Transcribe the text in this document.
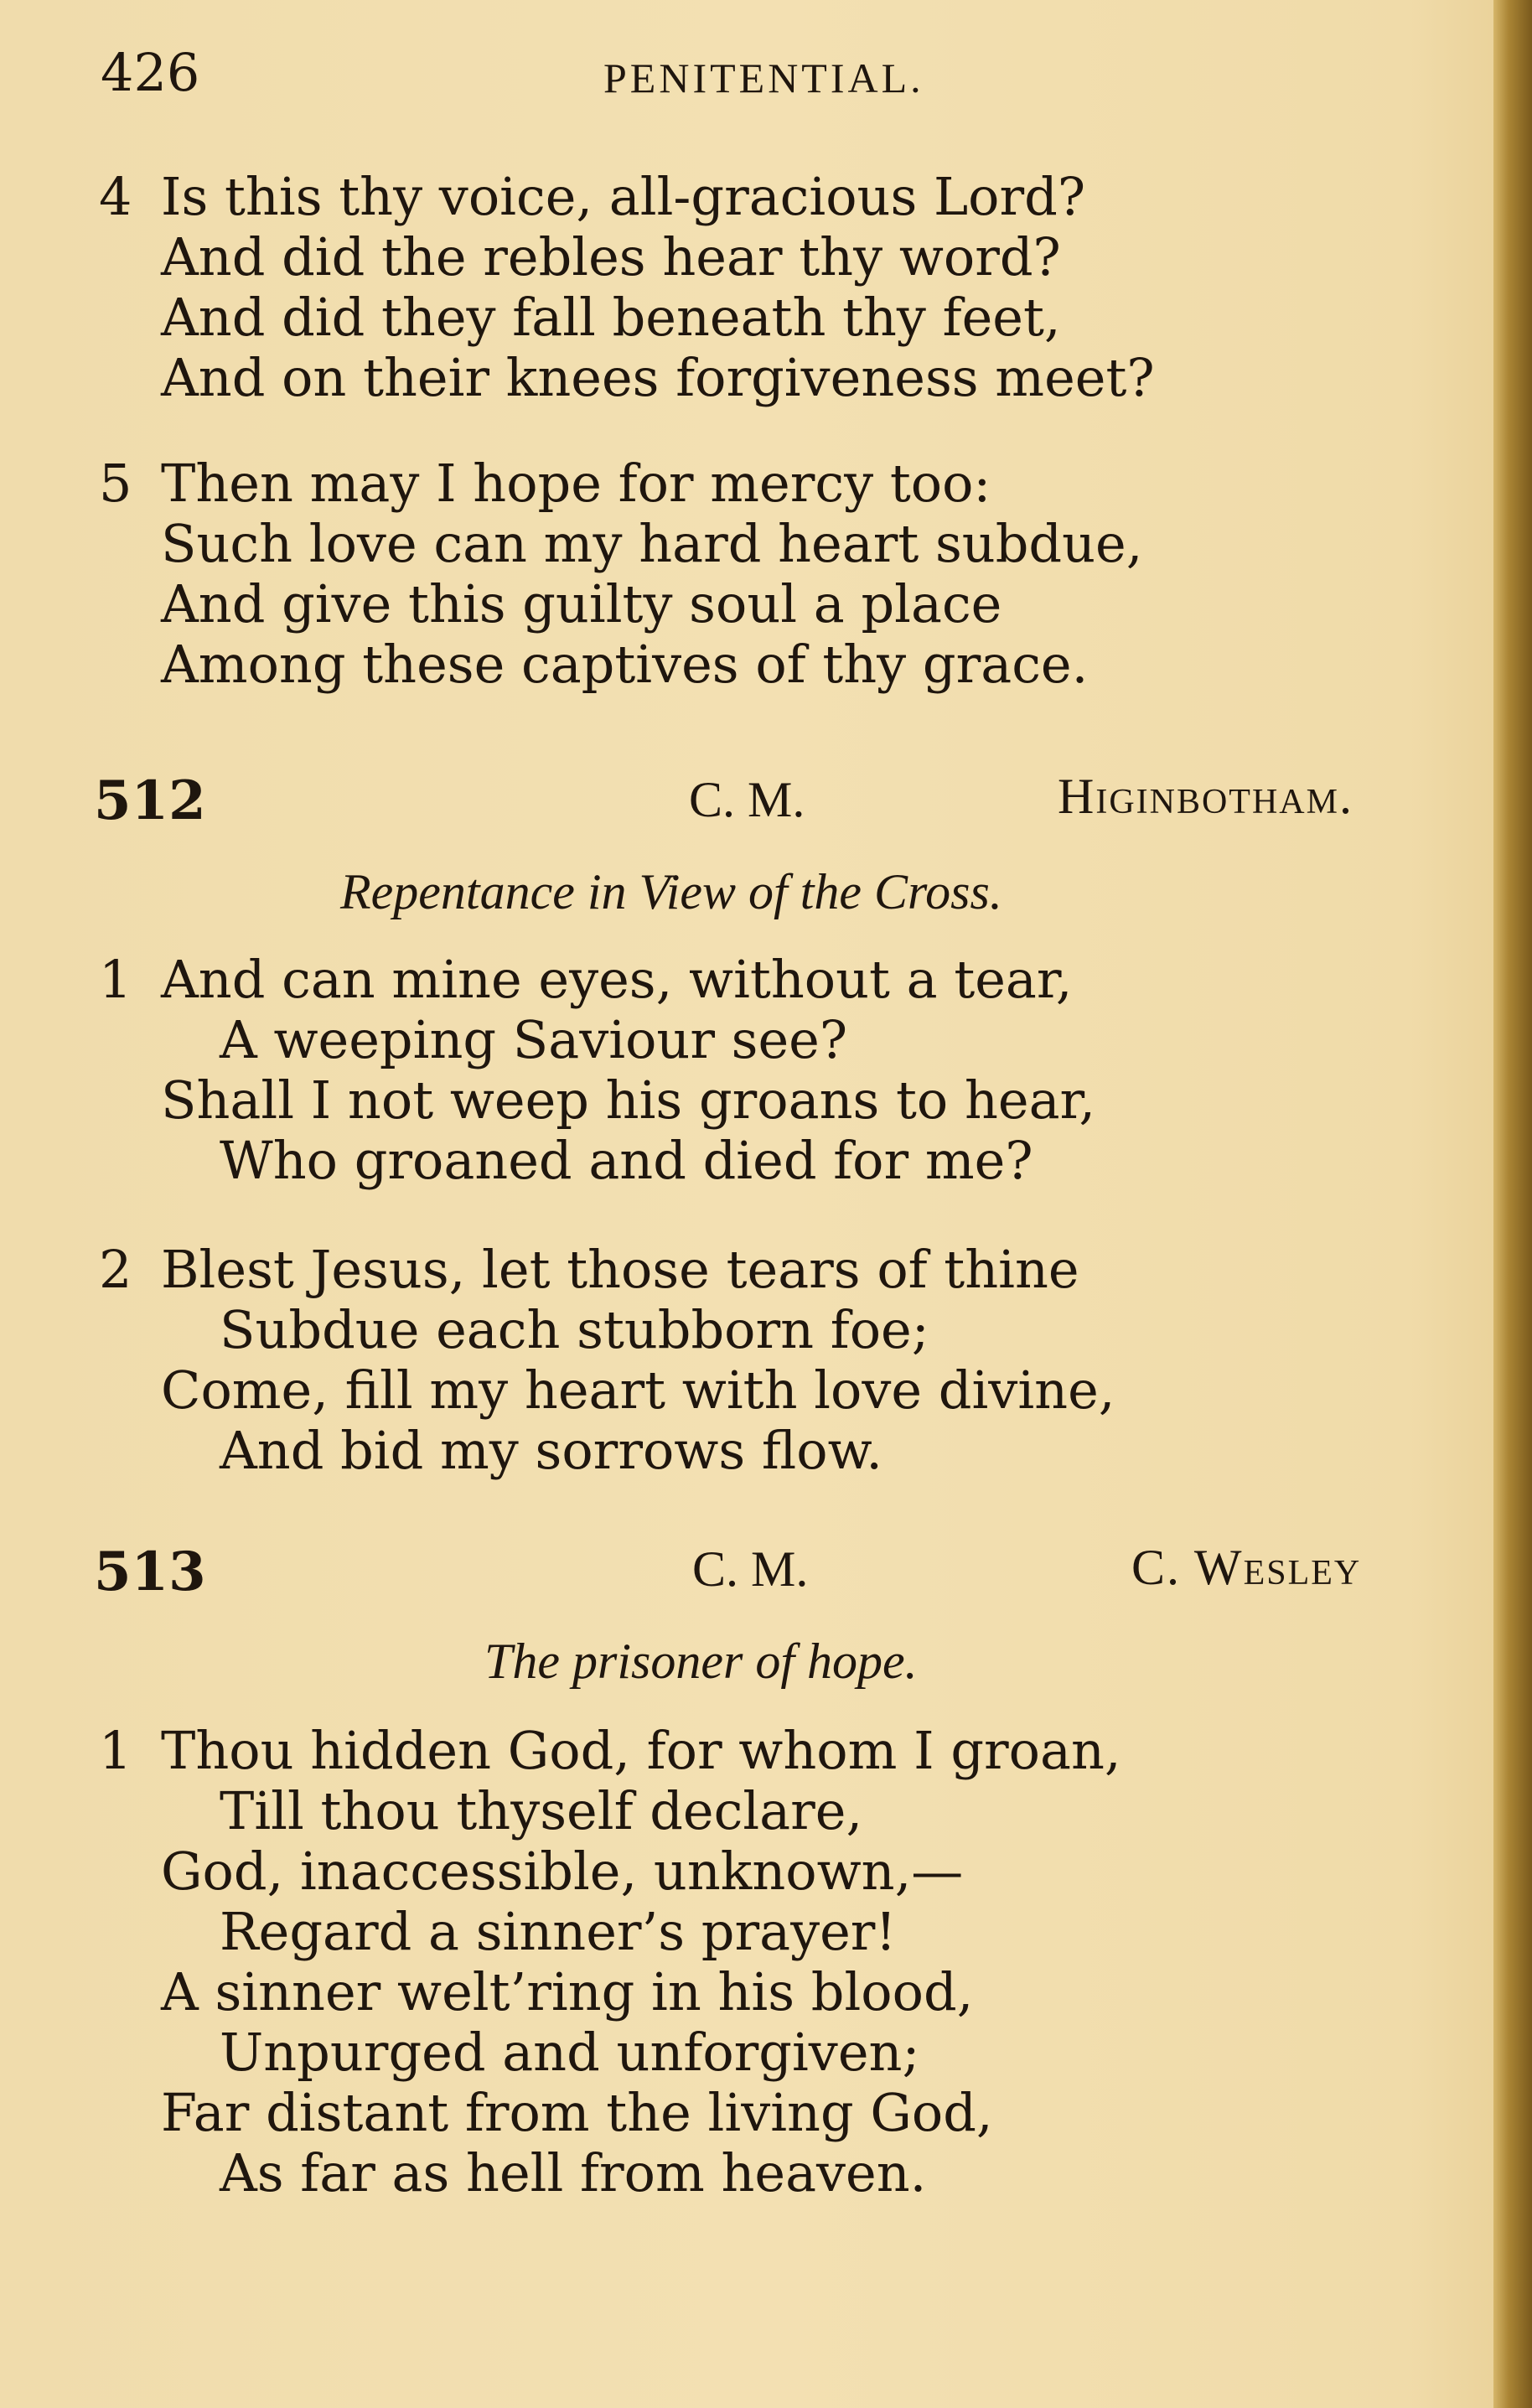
426	PENITENTIAL.
4 Is this thy voice, all-gracious Lord?
And did the rebles hear thy word?
And did they fall beneath thy feet,
And on their knees forgiveness meet?
5 Then may I hope for mercy too:
Such love can my hard heart subdue,
And give this guilty soul a place
Among these captives of thy grace.
512	C. M.	Higinbotham.
Repentance in View of the Cross.
1 And can mine eyes, without a tear,
A weeping Saviour see?
Shall I not weep his groans to hear,
Who groaned and died for me?
2 Blest Jesus, let those tears of thine
Subdue each stubborn foe;
Come, fill my heart with love divine,
And bid my sorrows flow.
513	C. M.	C. Wesley
The prisoner of hope.
1 Thou hidden God, for whom I groan,
Till thou thyself declare,
God, inaccessible, unknown,—
Regard a sinner’s prayer!
A sinner welt’ring in his blood,
Unpurged and unforgiven;
Far distant from the living God,
As far as hell from heaven.
